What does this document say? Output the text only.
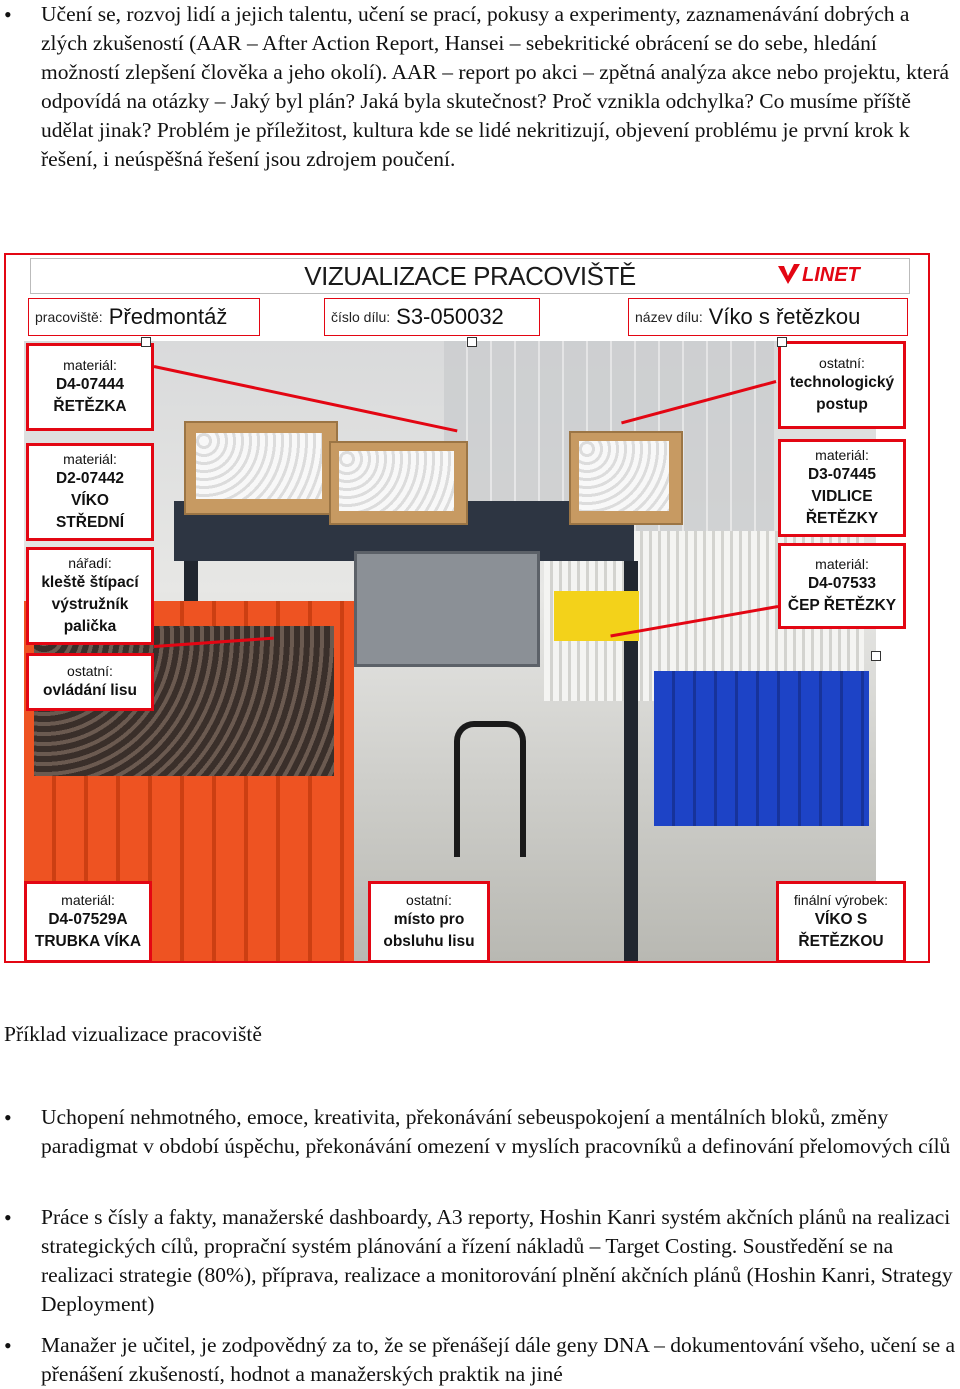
•	Učení se, rozvoj lidí a jejich talentu, učení se prací, pokusy a experimenty, zaznamenávání dobrých a zlých zkušeností (AAR – After Action Report, Hansei – sebekritické obrácení se do sebe, hledání možností zlepšení člověka a jeho okolí). AAR – report po akci – zpětná analýza akce nebo projektu, která odpovídá na otázky – Jaký byl plán? Jaká byla skutečnost? Proč vznikla odchylka? Co musíme příště udělat jinak? Problém je příležitost, kultura kde se lidé nekritizují, objevení problému je první krok k řešení, i neúspěšná řešení jsou zdrojem poučení.
VIZUALIZACE PRACOVIŠTĚ	LINET
pracoviště: Předmontáž	číslo dílu: S3-050032	název dílu: Víko s řetězkou
materiál:
D4-07444
ŘETĚZKA
materiál:
D2-07442
VÍKO
STŘEDNÍ
nářadí:
kleště štípací
výstružník
palička
ostatní:
ovládání lisu
ostatní:
technologický
postup
materiál:
D3-07445
VIDLICE
ŘETĚZKY
materiál:
D4-07533
ČEP ŘETĚZKY
materiál:
D4-07529A
TRUBKA VÍKA
ostatní:
místo pro
obsluhu lisu
finální výrobek:
VÍKO S
ŘETĚZKOU
Příklad vizualizace pracoviště
•	Uchopení nehmotného, emoce, kreativita, překonávání sebeuspokojení a mentálních bloků, změny paradigmat v období úspěchu, překonávání omezení v myslích pracovníků a definování přelomových cílů
•	Práce s čísly a fakty, manažerské dashboardy, A3 reporty, Hoshin Kanri systém akčních plánů na realizaci strategických cílů, proprační systém plánování a řízení nákladů – Target Costing. Soustředění se na realizaci strategie (80%), příprava, realizace a monitorování plnění akčních plánů (Hoshin Kanri, Strategy Deployment)
•	Manažer je učitel, je zodpovědný za to, že se přenášejí dále geny DNA – dokumentování všeho, učení se a přenášení zkušeností, hodnot a manažerských praktik na jiné
